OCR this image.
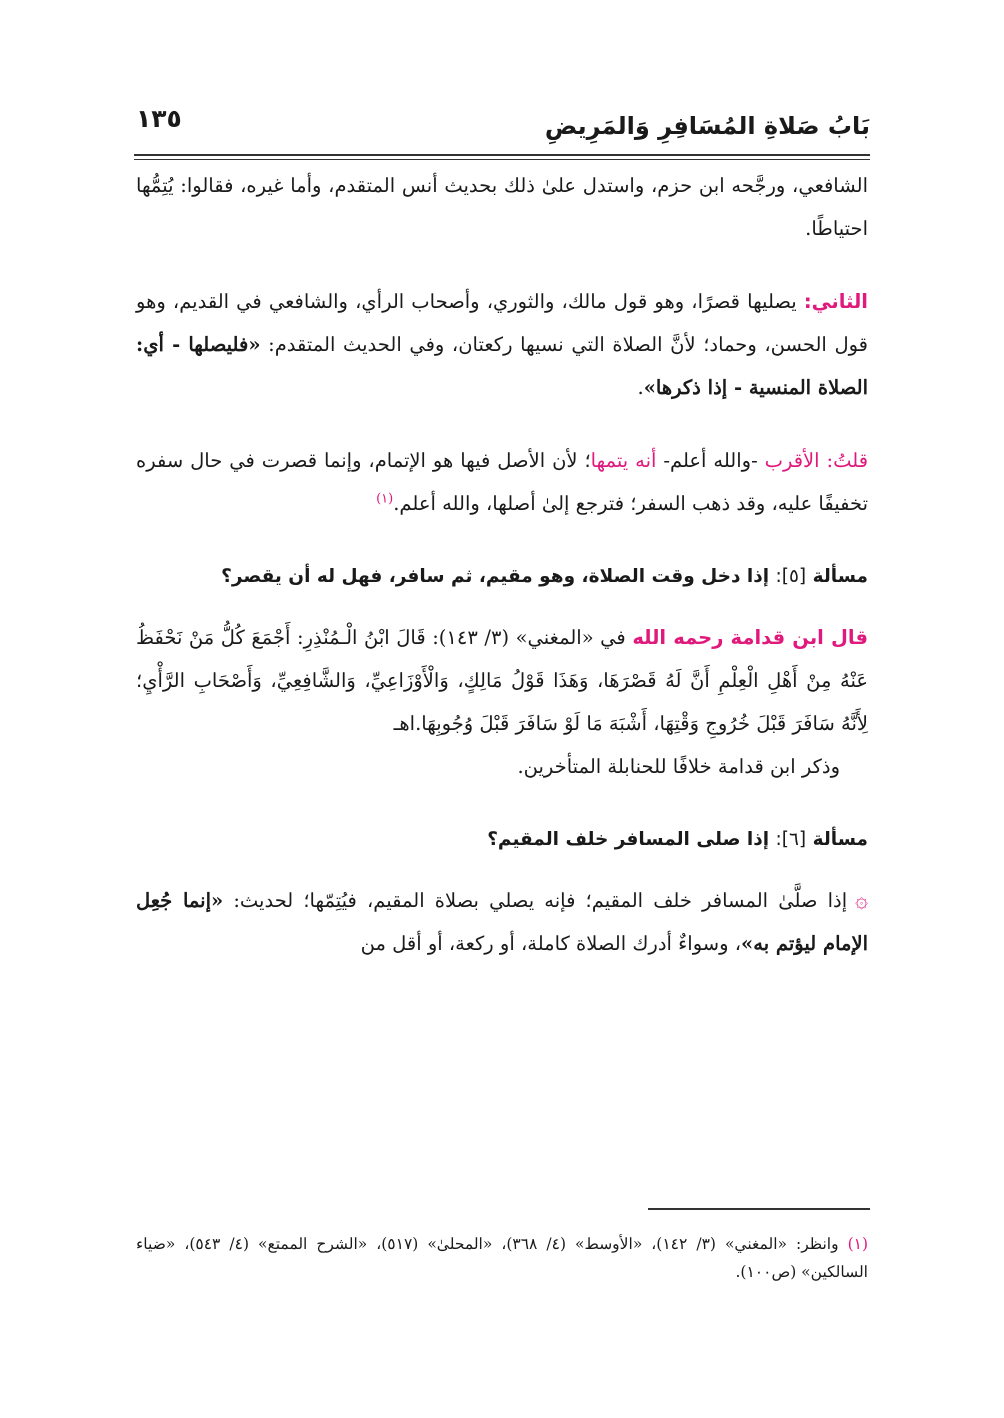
بَابُ صَلاةِ المُسَافِرِ وَالمَرِيضِ
١٣٥

الشافعي، ورجَّحه ابن حزم، واستدل علىٰ ذلك بحديث أنس المتقدم، وأما غيره، فقالوا: يُتِمُّها احتياطًا.

الثاني: يصليها قصرًا، وهو قول مالك، والثوري، وأصحاب الرأي، والشافعي في القديم، وهو قول الحسن، وحماد؛ لأنَّ الصلاة التي نسيها ركعتان، وفي الحديث المتقدم: «فليصلها - أي: الصلاة المنسية - إذا ذكرها».

قلتُ: الأقرب -والله أعلم- أنه يتمها؛ لأن الأصل فيها هو الإتمام، وإنما قصرت في حال سفره تخفيفًا عليه، وقد ذهب السفر؛ فترجع إلىٰ أصلها، والله أعلم.$^{(١)}$

مسألة [٥]: إذا دخل وقت الصلاة، وهو مقيم، ثم سافر، فهل له أن يقصر؟

قال ابن قدامة رحمه الله في «المغني» (٣/ ١٤٣): قَالَ ابْنُ الْـمُنْذِرِ: أَجْمَعَ كُلُّ مَنْ نَحْفَظُ عَنْهُ مِنْ أَهْلِ الْعِلْمِ أَنَّ لَهُ قَصْرَهَا، وَهَذَا قَوْلُ مَالِكٍ، وَالْأَوْزَاعِيِّ، وَالشَّافِعِيِّ، وَأَصْحَابِ الرَّأْيِ؛ لِأَنَّهُ سَافَرَ قَبْلَ خُرُوجِ وَقْتِهَا، أَشْبَهَ مَا لَوْ سَافَرَ قَبْلَ وُجُوبِهَا.اهـ

وذكر ابن قدامة خلافًا للحنابلة المتأخرين.

مسألة [٦]: إذا صلى المسافر خلف المقيم؟

۞إذا صلَّىٰ المسافر خلف المقيم؛ فإنه يصلي بصلاة المقيم، فيُتِمّها؛ لحديث: «إنما جُعِل الإمام ليؤتم به»، وسواءٌ أدرك الصلاة كاملة، أو ركعة، أو أقل من

(١) وانظر: «المغني» (٣/ ١٤٢)، «الأوسط» (٤/ ٣٦٨)، «المحلىٰ» (٥١٧)، «الشرح الممتع» (٤/ ٥٤٣)، «ضياء السالكين» (ص١٠٠).
